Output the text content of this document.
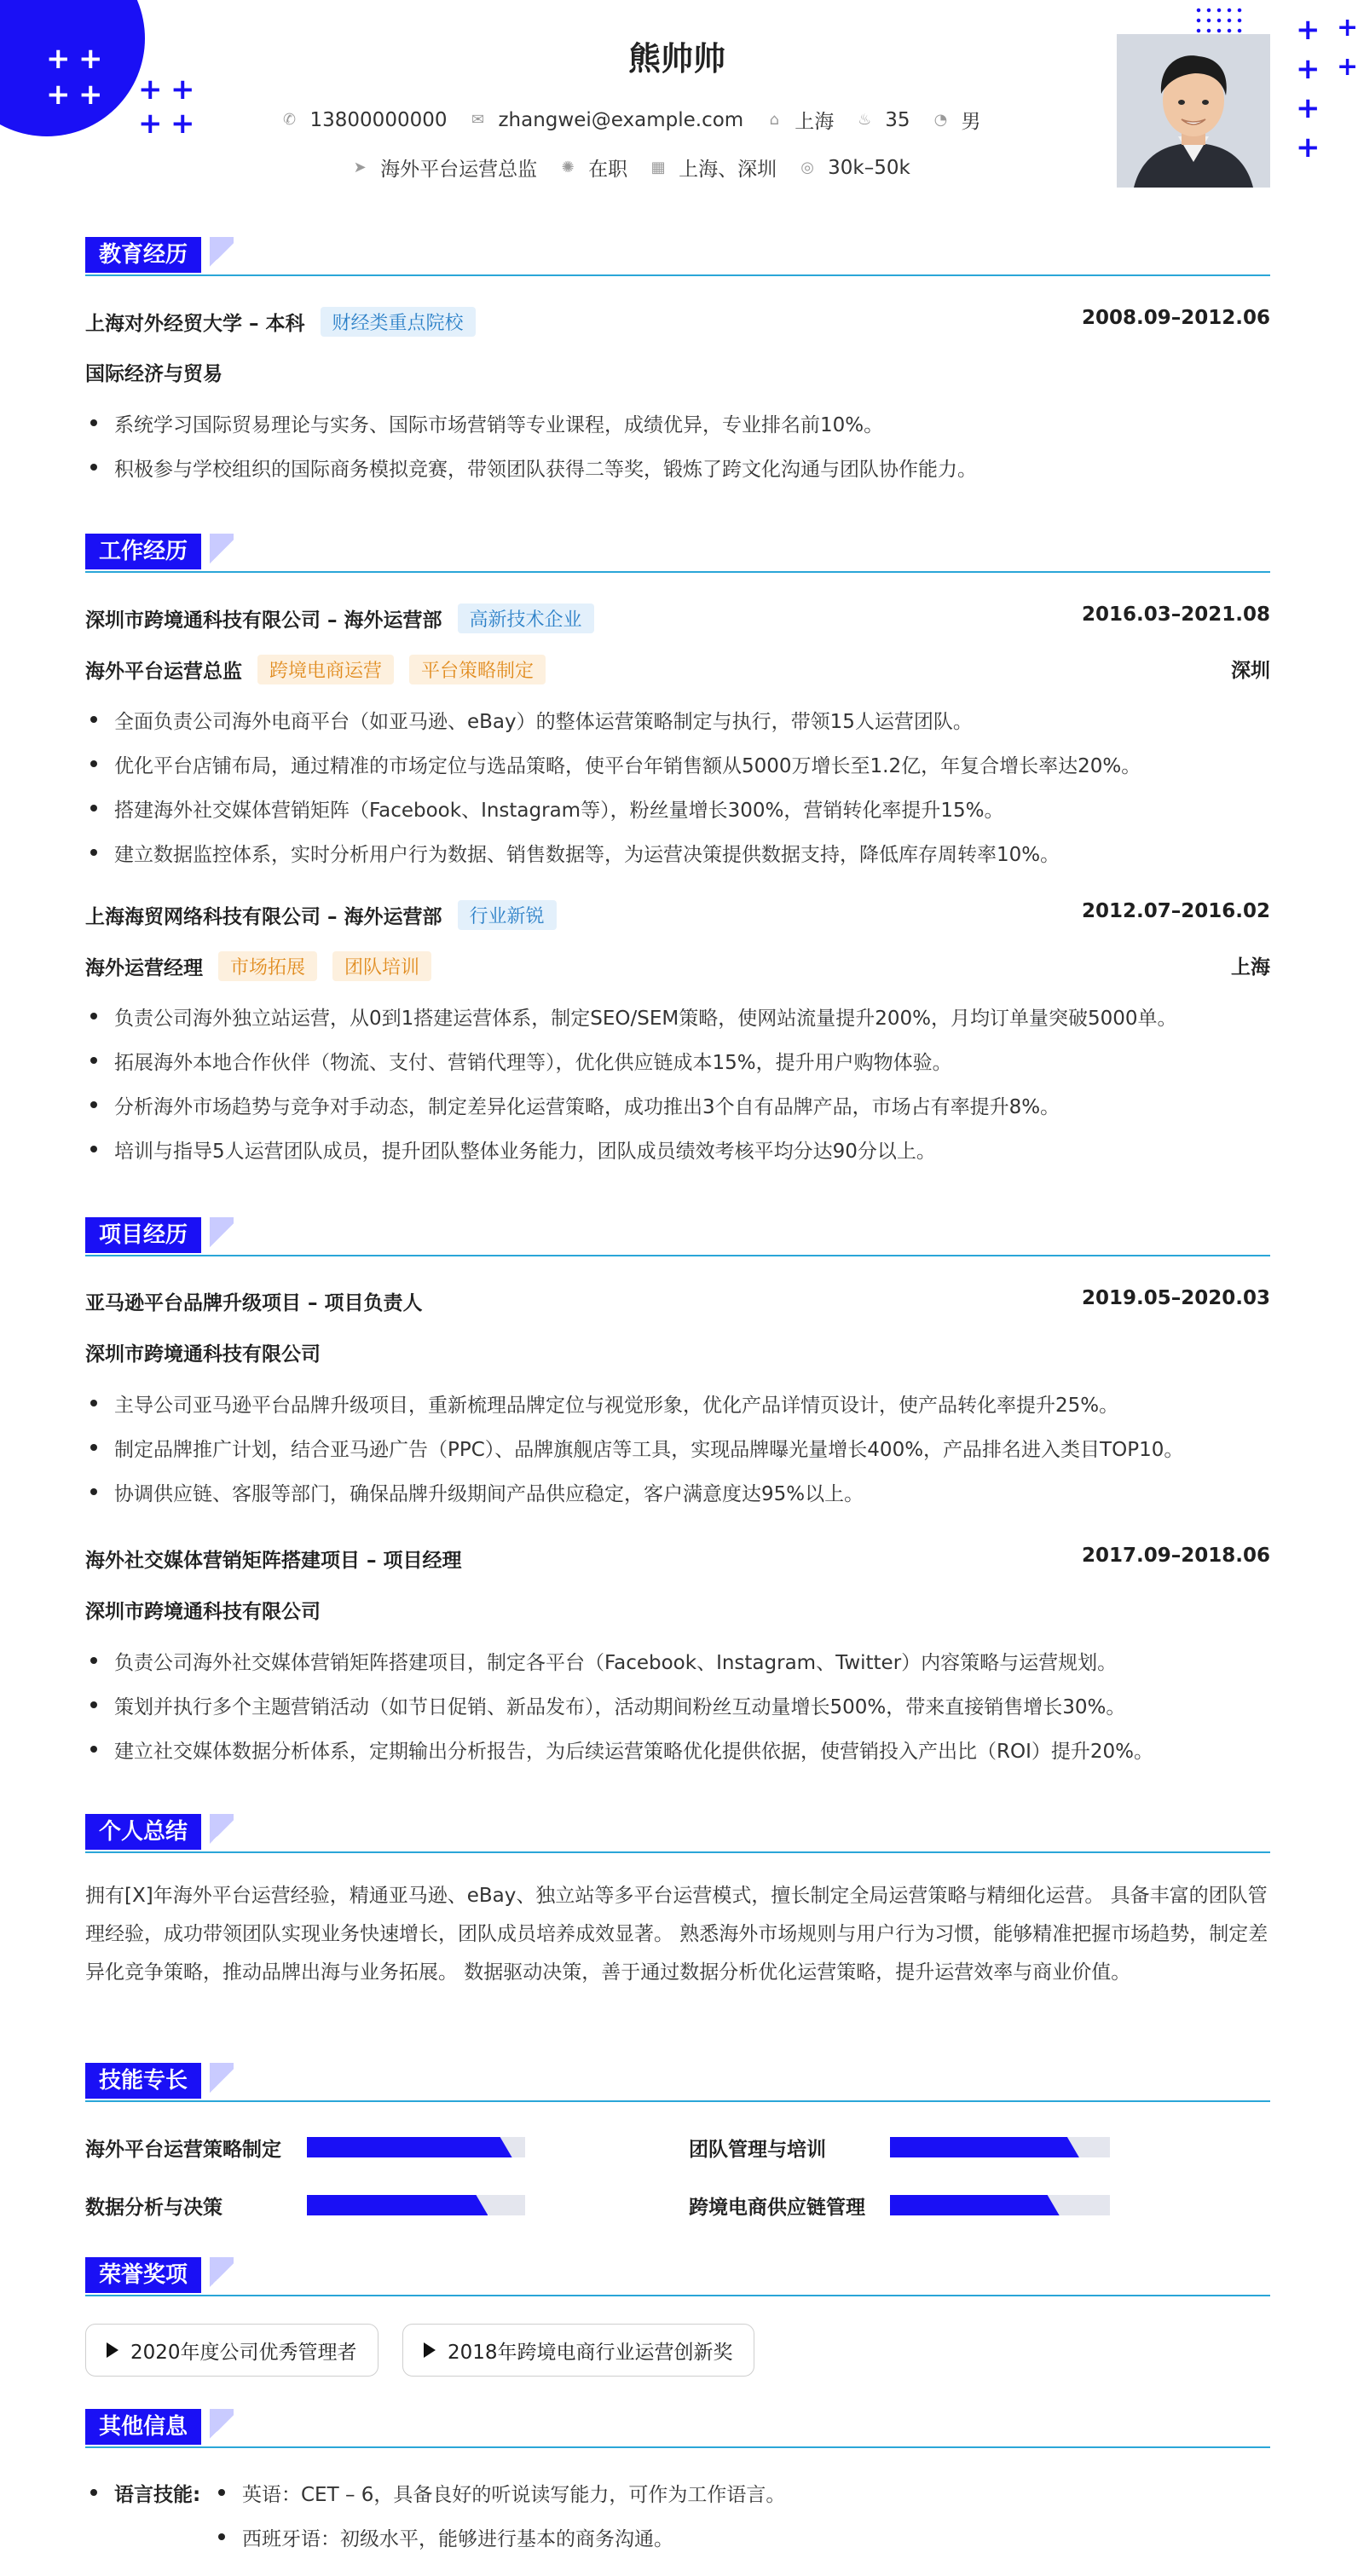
+ +
+ + + +
+ +
+
+
+
+
+
+
熊帅帅
✆ 13800000000 ✉ zhangwei@example.com ⌂ 上海 ♨ 35 ◔ 男
➤ 海外平台运营总监 ✺ 在职 ▦ 上海、深圳 ◎ 30k–50k
教育经历
上海对外经贸大学 – 本科	财经类重点院校	2008.09–2012.06
国际经济与贸易
系统学习国际贸易理论与实务、国际市场营销等专业课程，成绩优异，专业排名前10%。
积极参与学校组织的国际商务模拟竞赛，带领团队获得二等奖，锻炼了跨文化沟通与团队协作能力。
工作经历
深圳市跨境通科技有限公司 – 海外运营部	高新技术企业	2016.03–2021.08
海外平台运营总监	跨境电商运营	平台策略制定	深圳
全面负责公司海外电商平台（如亚马逊、eBay）的整体运营策略制定与执行，带领15人运营团队。
优化平台店铺布局，通过精准的市场定位与选品策略，使平台年销售额从5000万增长至1.2亿，年复合增长率达20%。
搭建海外社交媒体营销矩阵（Facebook、Instagram等），粉丝量增长300%，营销转化率提升15%。
建立数据监控体系，实时分析用户行为数据、销售数据等，为运营决策提供数据支持，降低库存周转率10%。
上海海贸网络科技有限公司 – 海外运营部	行业新锐	2012.07–2016.02
海外运营经理	市场拓展	团队培训	上海
负责公司海外独立站运营，从0到1搭建运营体系，制定SEO/SEM策略，使网站流量提升200%，月均订单量突破5000单。
拓展海外本地合作伙伴（物流、支付、营销代理等），优化供应链成本15%，提升用户购物体验。
分析海外市场趋势与竞争对手动态，制定差异化运营策略，成功推出3个自有品牌产品，市场占有率提升8%。
培训与指导5人运营团队成员，提升团队整体业务能力，团队成员绩效考核平均分达90分以上。
项目经历
亚马逊平台品牌升级项目 – 项目负责人	2019.05–2020.03
深圳市跨境通科技有限公司
主导公司亚马逊平台品牌升级项目，重新梳理品牌定位与视觉形象，优化产品详情页设计，使产品转化率提升25%。
制定品牌推广计划，结合亚马逊广告（PPC）、品牌旗舰店等工具，实现品牌曝光量增长400%，产品排名进入类目TOP10。
协调供应链、客服等部门，确保品牌升级期间产品供应稳定，客户满意度达95%以上。
海外社交媒体营销矩阵搭建项目 – 项目经理	2017.09–2018.06
深圳市跨境通科技有限公司
负责公司海外社交媒体营销矩阵搭建项目，制定各平台（Facebook、Instagram、Twitter）内容策略与运营规划。
策划并执行多个主题营销活动（如节日促销、新品发布），活动期间粉丝互动量增长500%，带来直接销售增长30%。
建立社交媒体数据分析体系，定期输出分析报告，为后续运营策略优化提供依据，使营销投入产出比（ROI）提升20%。
个人总结
拥有[X]年海外平台运营经验，精通亚马逊、eBay、独立站等多平台运营模式，擅长制定全局运营策略与精细化运营。 具备丰富的团队管理经验，成功带领团队实现业务快速增长，团队成员培养成效显著。 熟悉海外市场规则与用户行为习惯，能够精准把握市场趋势，制定差异化竞争策略，推动品牌出海与业务拓展。 数据驱动决策，善于通过数据分析优化运营策略，提升运营效率与商业价值。
技能专长
海外平台运营策略制定	团队管理与培训
数据分析与决策	跨境电商供应链管理
荣誉奖项
2020年度公司优秀管理者	2018年跨境电商行业运营创新奖
其他信息
语言技能:	英语：CET – 6，具备良好的听说读写能力，可作为工作语言。
西班牙语：初级水平，能够进行基本的商务沟通。
